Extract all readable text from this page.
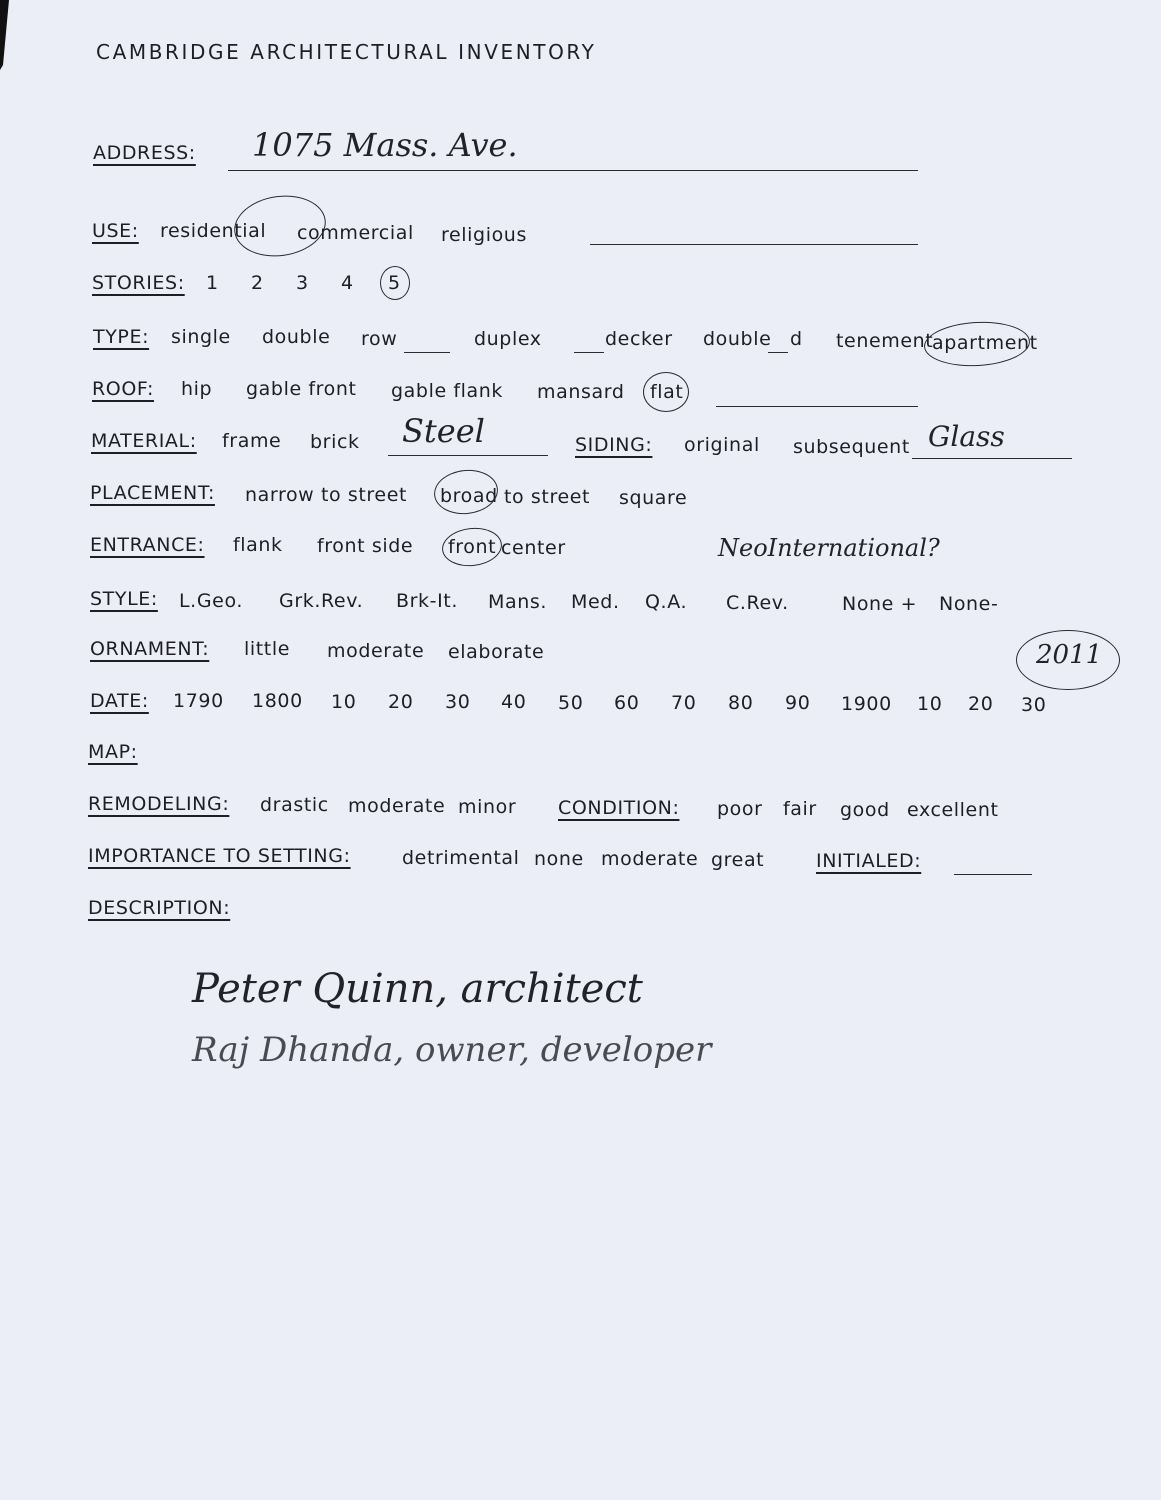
CAMBRIDGE ARCHITECTURAL INVENTORY
ADDRESS: 1075 Mass. Ave.
USE: residential commercial religious
STORIES: 1 2 3 4 5
TYPE: single double row	duplex	decker double d tenement
apartment
ROOF: hip gable front gable flank mansard flat
MATERIAL: frame brick Steel	SIDING: original subsequent Glass
PLACEMENT: narrow to street broad to street square
ENTRANCE: flank front side front center	NeoInternational?
STYLE: L.Geo. Grk.Rev. Brk-It. Mans. Med. Q.A. C.Rev.	None + None-
ORNAMENT: little moderate elaborate	2011
DATE: 1790 1800 10 20 30 40 50 60 70 80 90 1900 10 20 30
MAP:
REMODELING: drastic moderate minor CONDITION: poor fair good excellent
IMPORTANCE TO SETTING:	detrimental none moderate great	INITIALED:
DESCRIPTION:
Peter Quinn, architect
Raj Dhanda, owner, developer
